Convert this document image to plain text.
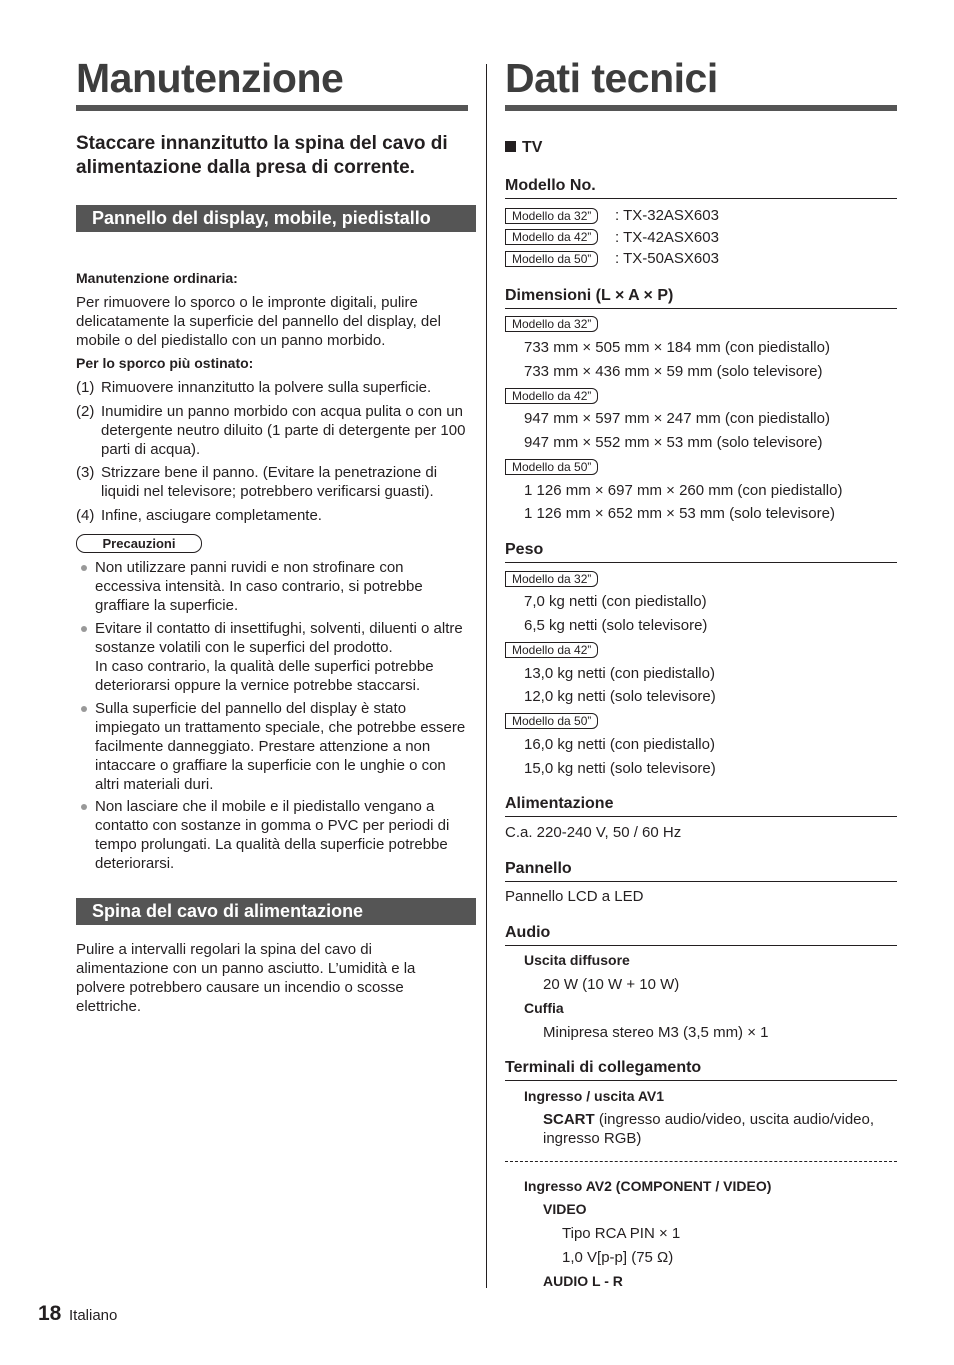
Manutenzione
Staccare innanzitutto la spina del cavo di alimentazione dalla presa di corrente.
Pannello del display, mobile, piedistallo
Manutenzione ordinaria:
Per rimuovere lo sporco o le impronte digitali, pulire delicatamente la superficie del pannello del display, del mobile o del piedistallo con un panno morbido.
Per lo sporco più ostinato:
(1) Rimuovere innanzitutto la polvere sulla superficie.
(2) Inumidire un panno morbido con acqua pulita o con un detergente neutro diluito (1 parte di detergente per 100 parti di acqua).
(3) Strizzare bene il panno. (Evitare la penetrazione di liquidi nel televisore; potrebbero verificarsi guasti).
(4) Infine, asciugare completamente.
Precauzioni
Non utilizzare panni ruvidi e non strofinare con eccessiva intensità. In caso contrario, si potrebbe graffiare la superficie.
Evitare il contatto di insettifughi, solventi, diluenti o altre sostanze volatili con le superfici del prodotto.
In caso contrario, la qualità delle superfici potrebbe deteriorarsi oppure la vernice potrebbe staccarsi.
Sulla superficie del pannello del display è stato impiegato un trattamento speciale, che potrebbe essere facilmente danneggiato. Prestare attenzione a non intaccare o graffiare la superficie con le unghie o con altri materiali duri.
Non lasciare che il mobile e il piedistallo vengano a contatto con sostanze in gomma o PVC per periodi di tempo prolungati. La qualità della superficie potrebbe deteriorarsi.
Spina del cavo di alimentazione
Pulire a intervalli regolari la spina del cavo di alimentazione con un panno asciutto. L’umidità e la polvere potrebbero causare un incendio o scosse elettriche.
Dati tecnici
TV
Modello No.
Modello da 32”	: TX-32ASX603
Modello da 42”	: TX-42ASX603
Modello da 50”	: TX-50ASX603
Dimensioni (L × A × P)
Modello da 32”
733 mm × 505 mm × 184 mm (con piedistallo)
733 mm × 436 mm × 59 mm (solo televisore)
Modello da 42”
947 mm × 597 mm × 247 mm (con piedistallo)
947 mm × 552 mm × 53 mm (solo televisore)
Modello da 50”
1 126 mm × 697 mm × 260 mm (con piedistallo)
1 126 mm × 652 mm × 53 mm (solo televisore)
Peso
Modello da 32”
7,0 kg netti (con piedistallo)
6,5 kg netti (solo televisore)
Modello da 42”
13,0 kg netti (con piedistallo)
12,0 kg netti (solo televisore)
Modello da 50”
16,0 kg netti (con piedistallo)
15,0 kg netti (solo televisore)
Alimentazione
C.a. 220-240 V, 50 / 60 Hz
Pannello
Pannello LCD a LED
Audio
Uscita diffusore
20 W (10 W + 10 W)
Cuffia
Minipresa stereo M3 (3,5 mm) × 1
Terminali di collegamento
Ingresso / uscita AV1
SCART (ingresso audio/video, uscita audio/video, ingresso RGB)
Ingresso AV2 (COMPONENT / VIDEO)
VIDEO
Tipo RCA PIN × 1
1,0 V[p-p] (75 Ω)
AUDIO L - R
18 Italiano
